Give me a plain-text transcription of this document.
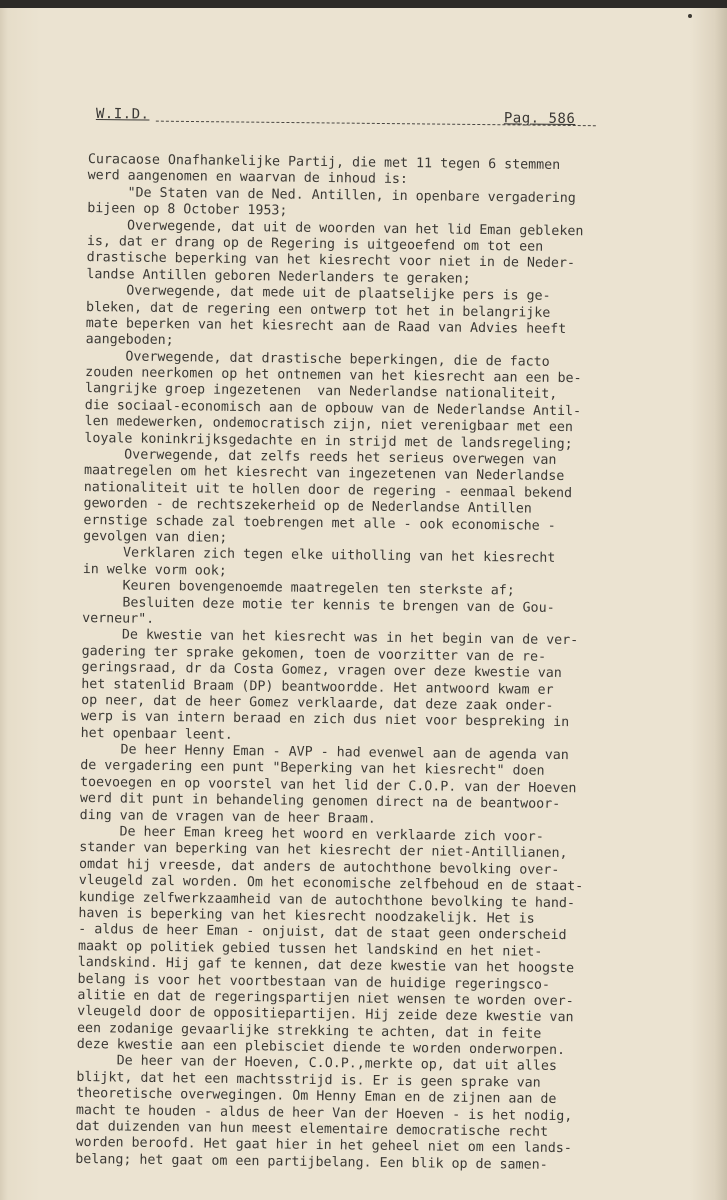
W.I.D.	Pag. 586
Curacaose Onafhankelijke Partij, die met 11 tegen 6 stemmen
werd aangenomen en waarvan de inhoud is:
"De Staten van de Ned. Antillen, in openbare vergadering
bijeen op 8 October 1953;
Overwegende, dat uit de woorden van het lid Eman gebleken
is, dat er drang op de Regering is uitgeoefend om tot een
drastische beperking van het kiesrecht voor niet in de Neder-
landse Antillen geboren Nederlanders te geraken;
Overwegende, dat mede uit de plaatselijke pers is ge-
bleken, dat de regering een ontwerp tot het in belangrijke
mate beperken van het kiesrecht aan de Raad van Advies heeft
aangeboden;
Overwegende, dat drastische beperkingen, die de facto
zouden neerkomen op het ontnemen van het kiesrecht aan een be-
langrijke groep ingezetenen  van Nederlandse nationaliteit,
die sociaal-economisch aan de opbouw van de Nederlandse Antil-
len medewerken, ondemocratisch zijn, niet verenigbaar met een
loyale koninkrijksgedachte en in strijd met de landsregeling;
Overwegende, dat zelfs reeds het serieus overwegen van
maatregelen om het kiesrecht van ingezetenen van Nederlandse
nationaliteit uit te hollen door de regering - eenmaal bekend
geworden - de rechtszekerheid op de Nederlandse Antillen
ernstige schade zal toebrengen met alle - ook economische -
gevolgen van dien;
Verklaren zich tegen elke uitholling van het kiesrecht
in welke vorm ook;
Keuren bovengenoemde maatregelen ten sterkste af;
Besluiten deze motie ter kennis te brengen van de Gou-
verneur".
De kwestie van het kiesrecht was in het begin van de ver-
gadering ter sprake gekomen, toen de voorzitter van de re-
geringsraad, dr da Costa Gomez, vragen over deze kwestie van
het statenlid Braam (DP) beantwoordde. Het antwoord kwam er
op neer, dat de heer Gomez verklaarde, dat deze zaak onder-
werp is van intern beraad en zich dus niet voor bespreking in
het openbaar leent.
De heer Henny Eman - AVP - had evenwel aan de agenda van
de vergadering een punt "Beperking van het kiesrecht" doen
toevoegen en op voorstel van het lid der C.O.P. van der Hoeven
werd dit punt in behandeling genomen direct na de beantwoor-
ding van de vragen van de heer Braam.
De heer Eman kreeg het woord en verklaarde zich voor-
stander van beperking van het kiesrecht der niet-Antillianen,
omdat hij vreesde, dat anders de autochthone bevolking over-
vleugeld zal worden. Om het economische zelfbehoud en de staat-
kundige zelfwerkzaamheid van de autochthone bevolking te hand-
haven is beperking van het kiesrecht noodzakelijk. Het is
- aldus de heer Eman - onjuist, dat de staat geen onderscheid
maakt op politiek gebied tussen het landskind en het niet-
landskind. Hij gaf te kennen, dat deze kwestie van het hoogste
belang is voor het voortbestaan van de huidige regeringsco-
alitie en dat de regeringspartijen niet wensen te worden over-
vleugeld door de oppositiepartijen. Hij zeide deze kwestie van
een zodanige gevaarlijke strekking te achten, dat in feite
deze kwestie aan een plebisciet diende te worden onderworpen.
De heer van der Hoeven, C.O.P.,merkte op, dat uit alles
blijkt, dat het een machtsstrijd is. Er is geen sprake van
theoretische overwegingen. Om Henny Eman en de zijnen aan de
macht te houden - aldus de heer Van der Hoeven - is het nodig,
dat duizenden van hun meest elementaire democratische recht
worden beroofd. Het gaat hier in het geheel niet om een lands-
belang; het gaat om een partijbelang. Een blik op de samen-
